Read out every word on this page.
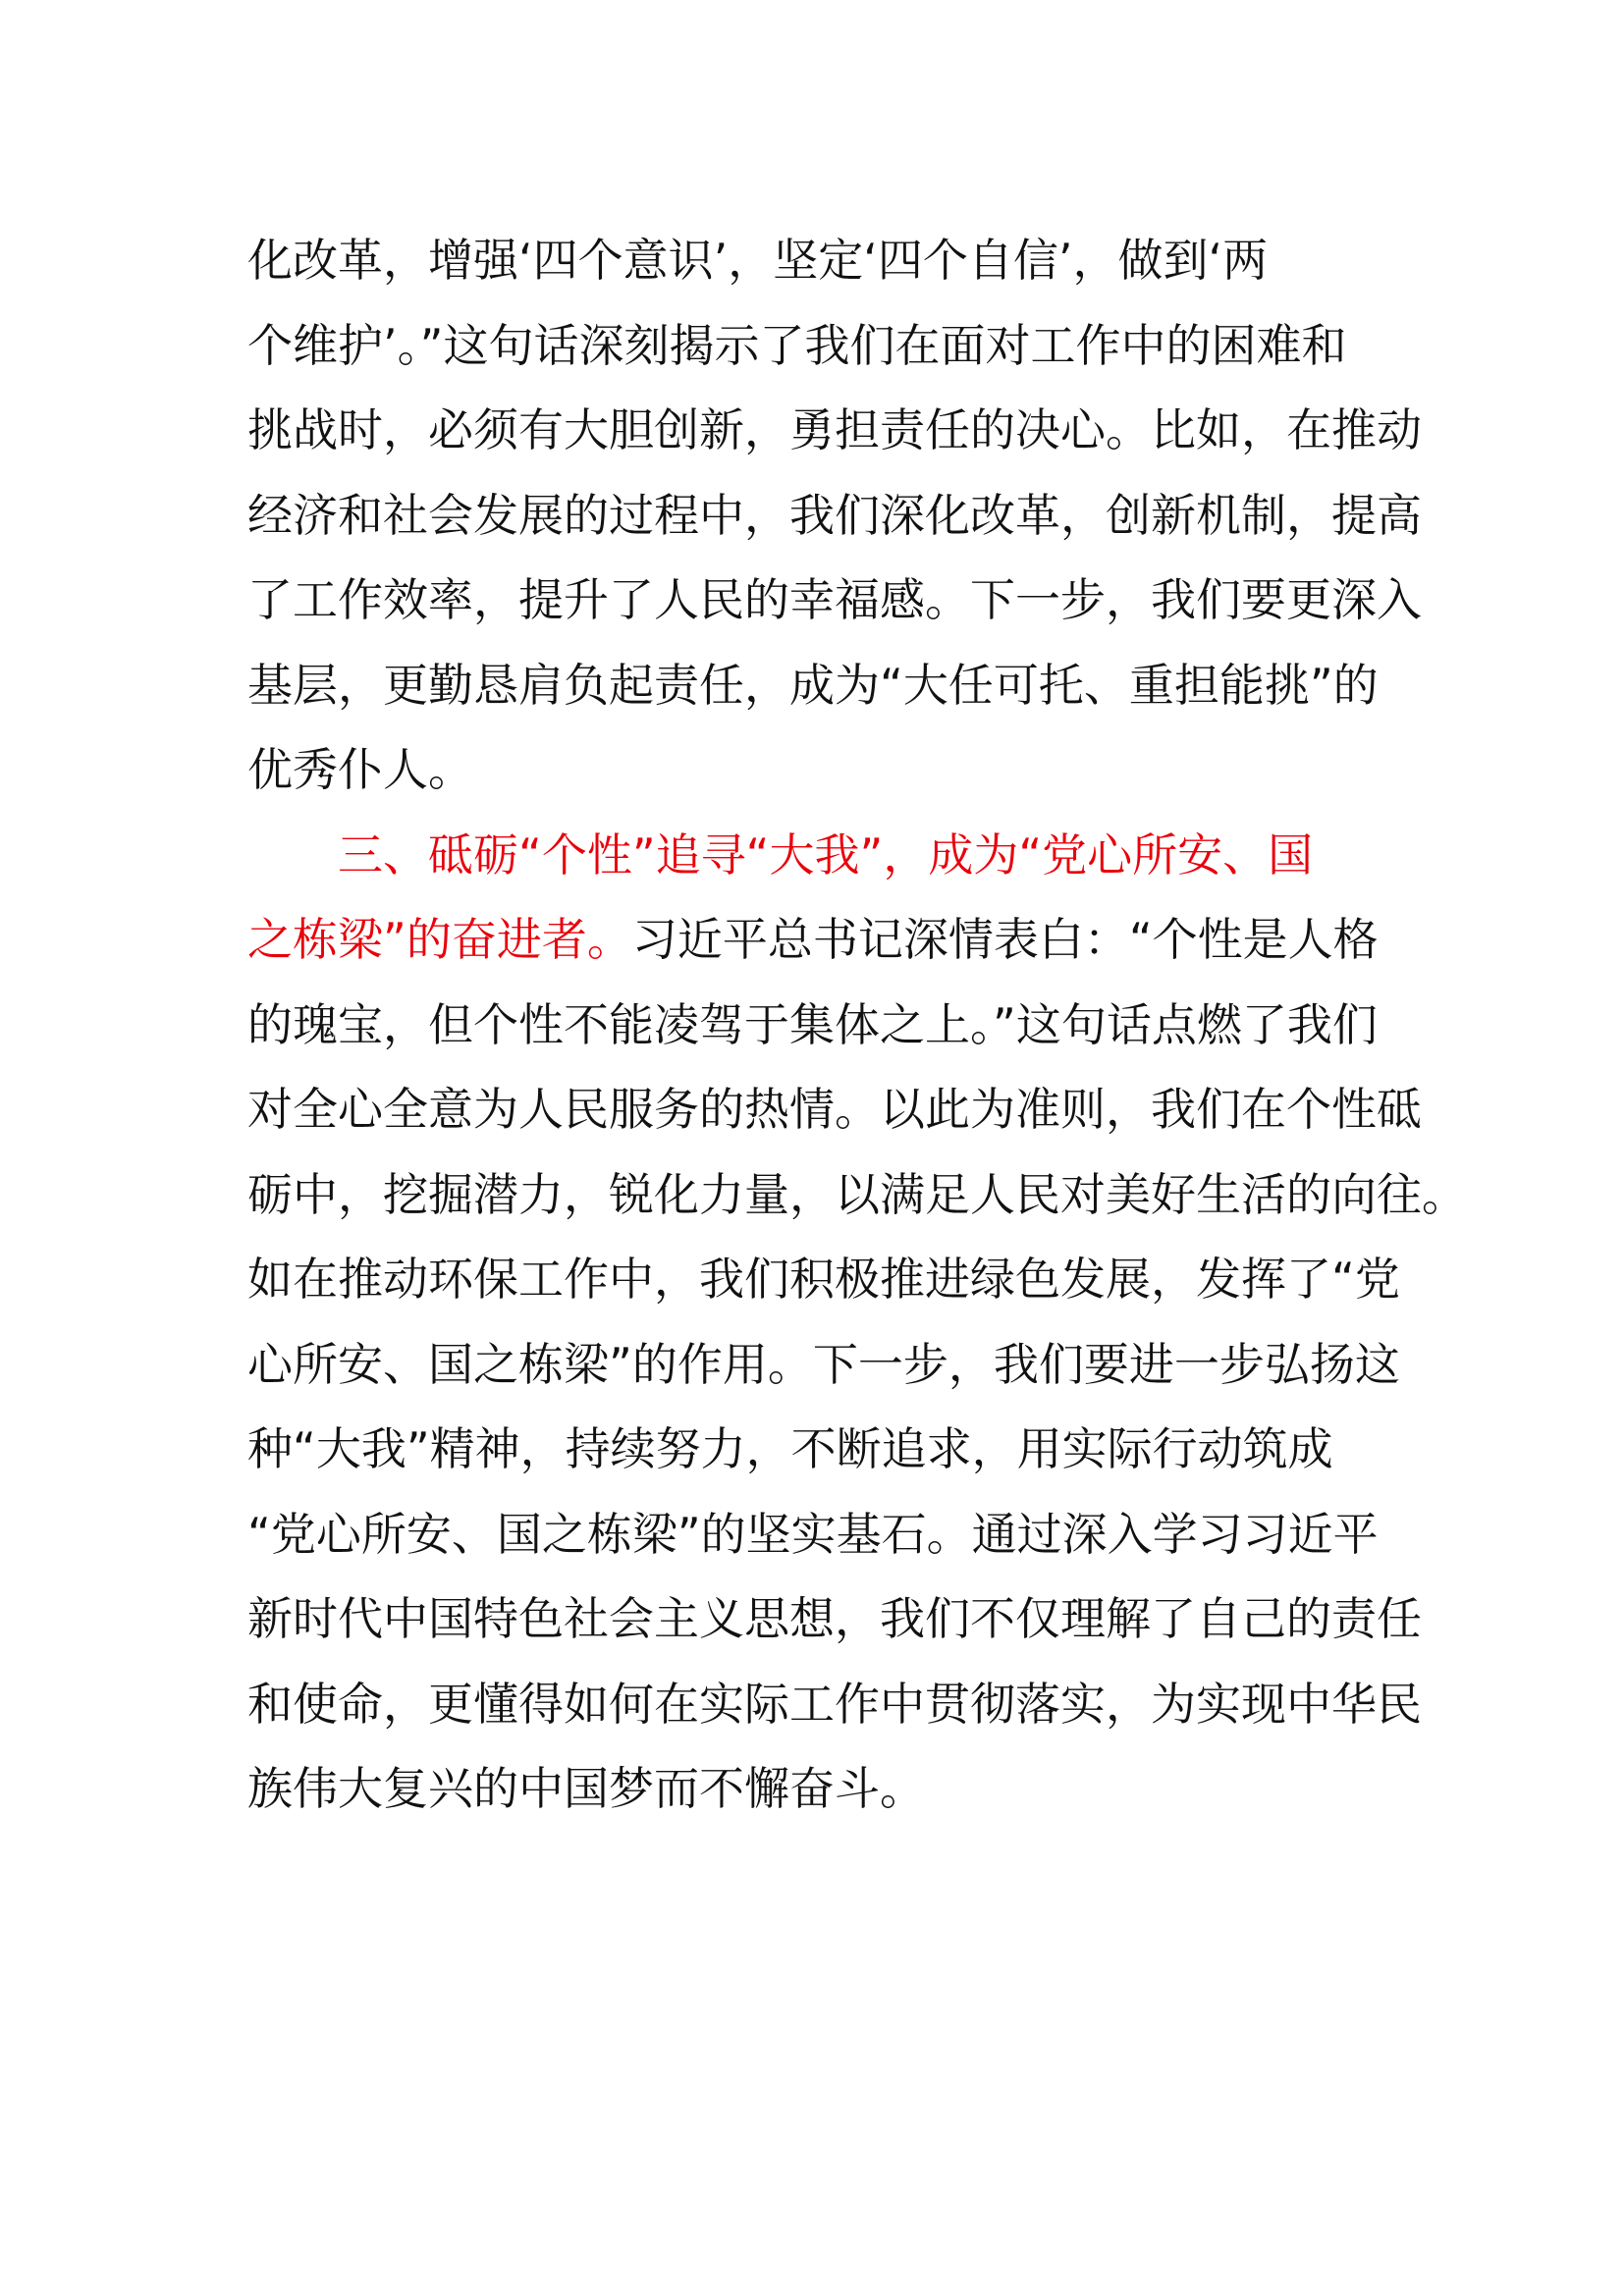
化改革，增强‘四个意识’，坚定‘四个自信’，做到‘两
个维护’。”这句话深刻揭示了我们在面对工作中的困难和
挑战时，必须有大胆创新，勇担责任的决心。比如，在推动
经济和社会发展的过程中，我们深化改革，创新机制，提高
了工作效率，提升了人民的幸福感。下一步，我们要更深入
基层，更勤恳肩负起责任，成为“大任可托、重担能挑”的
优秀仆人。

三、砥砺“个性”追寻“大我”，成为“党心所安、国
之栋梁”的奋进者。习近平总书记深情表白：“个性是人格
的瑰宝，但个性不能凌驾于集体之上。”这句话点燃了我们
对全心全意为人民服务的热情。以此为准则，我们在个性砥
砺中，挖掘潜力，锐化力量，以满足人民对美好生活的向往。
如在推动环保工作中，我们积极推进绿色发展，发挥了“党
心所安、国之栋梁”的作用。下一步，我们要进一步弘扬这
种“大我”精神，持续努力，不断追求，用实际行动筑成
“党心所安、国之栋梁”的坚实基石。通过深入学习习近平
新时代中国特色社会主义思想，我们不仅理解了自己的责任
和使命，更懂得如何在实际工作中贯彻落实，为实现中华民
族伟大复兴的中国梦而不懈奋斗。
